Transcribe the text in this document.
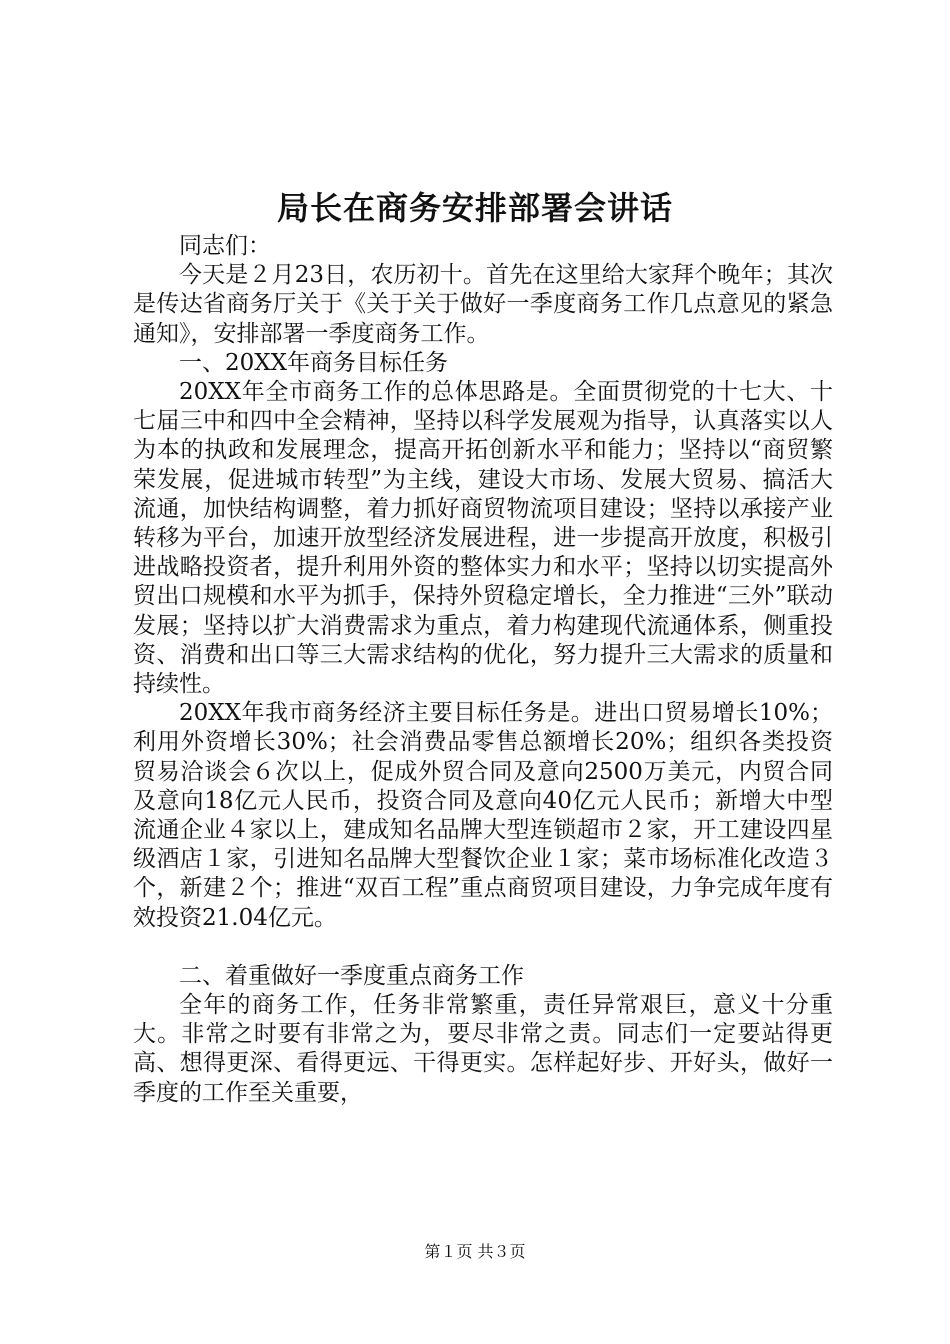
局长在商务安排部署会讲话

同志们：

今天是２月23日，农历初十。首先在这里给大家拜个晚年；其次是传达省商务厅关于《关于关于做好一季度商务工作几点意见的紧急通知》，安排部署一季度商务工作。

一、20XX年商务目标任务

20XX年全市商务工作的总体思路是。全面贯彻党的十七大、十七届三中和四中全会精神，坚持以科学发展观为指导，认真落实以人为本的执政和发展理念，提高开拓创新水平和能力；坚持以“商贸繁荣发展，促进城市转型”为主线，建设大市场、发展大贸易、搞活大流通，加快结构调整，着力抓好商贸物流项目建设；坚持以承接产业转移为平台，加速开放型经济发展进程，进一步提高开放度，积极引进战略投资者，提升利用外资的整体实力和水平；坚持以切实提高外贸出口规模和水平为抓手，保持外贸稳定增长，全力推进“三外”联动发展；坚持以扩大消费需求为重点，着力构建现代流通体系，侧重投资、消费和出口等三大需求结构的优化，努力提升三大需求的质量和持续性。

20XX年我市商务经济主要目标任务是。进出口贸易增长10%；利用外资增长30%；社会消费品零售总额增长20%；组织各类投资贸易洽谈会６次以上，促成外贸合同及意向2500万美元，内贸合同及意向18亿元人民币，投资合同及意向40亿元人民币；新增大中型流通企业４家以上，建成知名品牌大型连锁超市２家，开工建设四星级酒店１家，引进知名品牌大型餐饮企业１家；菜市场标准化改造３个，新建２个；推进“双百工程”重点商贸项目建设，力争完成年度有效投资21.04亿元。

二、着重做好一季度重点商务工作

全年的商务工作，任务非常繁重，责任异常艰巨，意义十分重大。非常之时要有非常之为，要尽非常之责。同志们一定要站得更高、想得更深、看得更远、干得更实。怎样起好步、开好头，做好一季度的工作至关重要，

第１页 共３页
